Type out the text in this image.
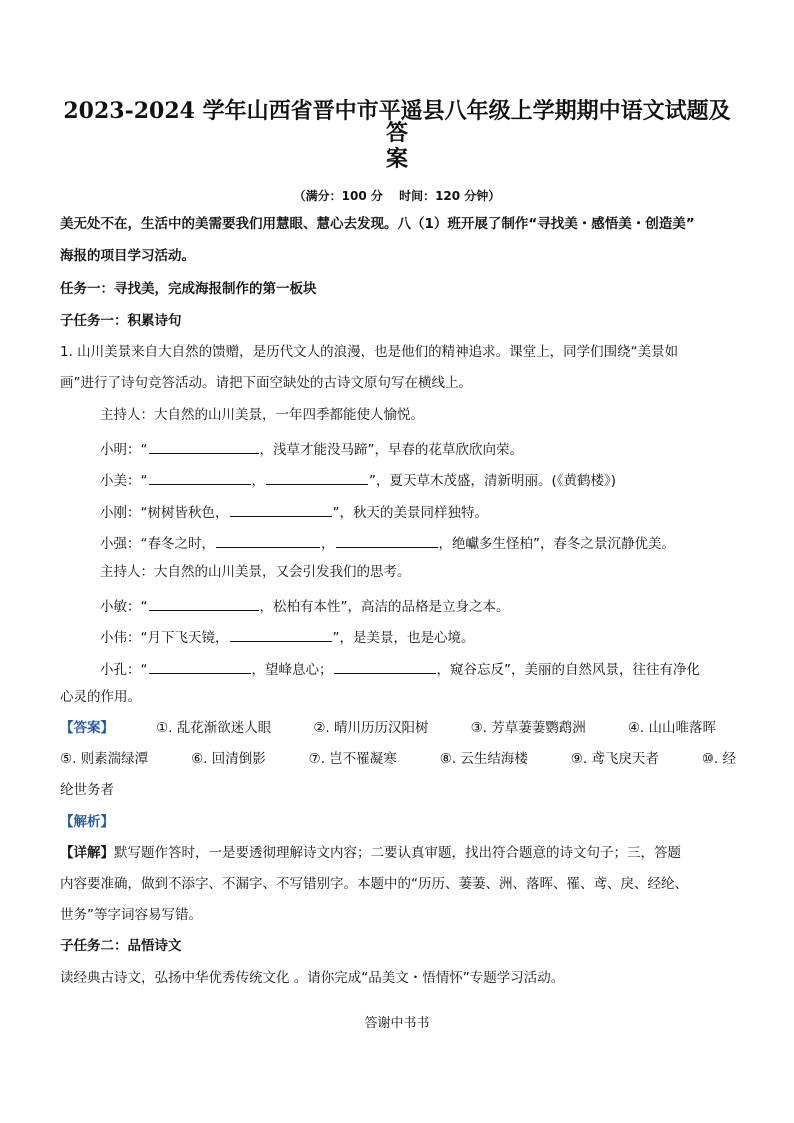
2023-2024 学年山西省晋中市平遥县八年级上学期期中语文试题及答
案
（满分：100 分　 时间：120 分钟）
美无处不在，生活中的美需要我们用慧眼、慧心去发现。八（1）班开展了制作“寻找美・感悟美・创造美”
海报的项目学习活动。
任务一：寻找美，完成海报制作的第一板块
子任务一：积累诗句
1. 山川美景来自大自然的馈赠，是历代文人的浪漫，也是他们的精神追求。课堂上，同学们围绕“美景如
画”进行了诗句竞答活动。请把下面空缺处的古诗文原句写在横线上。
主持人：大自然的山川美景，一年四季都能使人愉悦。
小明：“	，浅草才能没马蹄”，早春的花草欣欣向荣。
小美：“	，	”，夏天草木茂盛，清新明丽。(《黄鹤楼》)
小刚：“树树皆秋色，	”，秋天的美景同样独特。
小强：“春冬之时，	，	，绝巘多生怪柏”，春冬之景沉静优美。
主持人：大自然的山川美景，又会引发我们的思考。
小敏：“	，松柏有本性”，高洁的品格是立身之本。
小伟：“月下飞天镜，	”，是美景，也是心境。
小孔：“	，望峰息心；	，窥谷忘反”，美丽的自然风景，往往有净化
心灵的作用。
【答案】	①. 乱花渐欲迷人眼	②. 晴川历历汉阳树	③. 芳草萋萋鹦鹉洲	④. 山山唯落晖
⑤. 则素湍绿潭	⑥. 回清倒影	⑦. 岂不罹凝寒	⑧. 云生结海楼	⑨. 鸢飞戾天者	⑩. 经
纶世务者
【解析】
【详解】默写题作答时，一是要透彻理解诗文内容；二要认真审题，找出符合题意的诗文句子；三，答题
内容要准确，做到不添字、不漏字、不写错别字。本题中的“历历、萋萋、洲、落晖、罹、鸢、戾、经纶、
世务”等字词容易写错。
子任务二：品悟诗文
读经典古诗文，弘扬中华优秀传统文化 。请你完成“品美文・悟情怀”专题学习活动。
答谢中书书
